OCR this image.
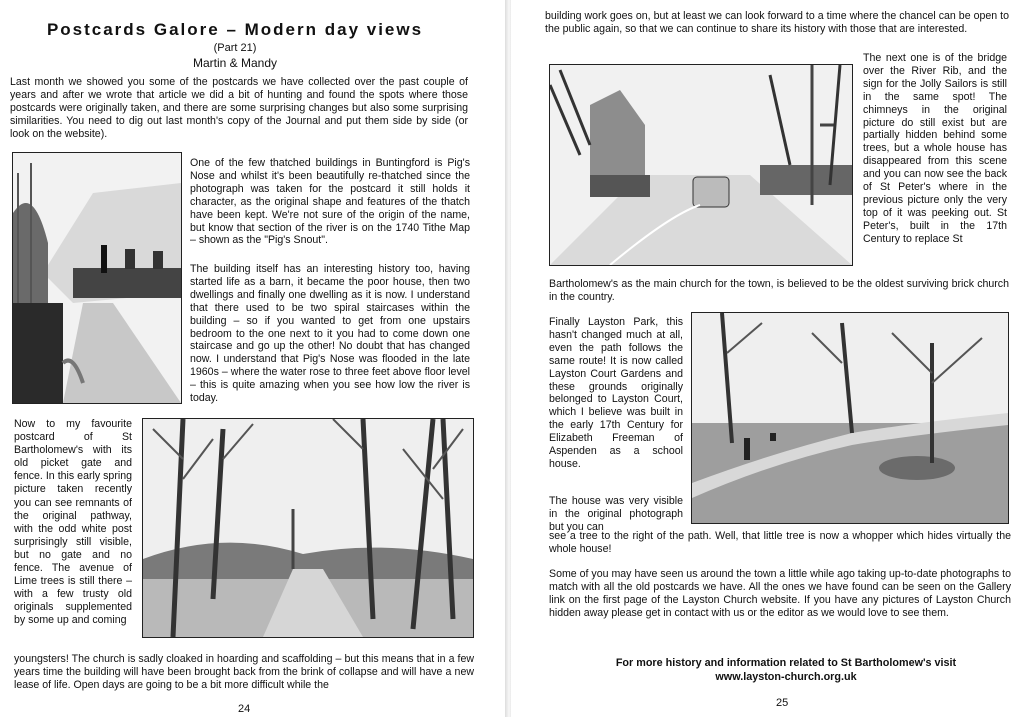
Postcards Galore – Modern day views
(Part 21)
Martin & Mandy

Last month we showed you some of the postcards we have collected over the past couple of years and after we wrote that article we did a bit of hunting and found the spots where those postcards were originally taken, and there are some surprising changes but also some surprising similarities. You need to dig out last month's copy of the Journal and put them side by side (or look on the website).

One of the few thatched buildings in Buntingford is Pig's Nose and whilst it's been beautifully re-thatched since the photograph was taken for the postcard it still holds it character, as the original shape and features of the thatch have been kept. We're not sure of the origin of the name, but know that section of the river is on the 1740 Tithe Map – shown as the "Pig's Snout".

The building itself has an interesting history too, having started life as a barn, it became the poor house, then two dwellings and finally one dwelling as it is now. I understand that there used to be two spiral staircases within the building – so if you wanted to get from one upstairs bedroom to the one next to it you had to come down one staircase and go up the other! No doubt that has changed now. I understand that Pig's Nose was flooded in the late 1960s – where the water rose to three feet above floor level – this is quite amazing when you see how low the river is today.

Now to my favourite postcard of St Bartholomew's with its old picket gate and fence. In this early spring picture taken recently you can see remnants of the original pathway, with the odd white post surprisingly still visible, but no gate and no fence. The avenue of Lime trees is still there – with a few trusty old originals supplemented by some up and coming

youngsters! The church is sadly cloaked in hoarding and scaffolding – but this means that in a few years time the building will have been brought back from the brink of collapse and will have a new lease of life. Open days are going to be a bit more difficult while the

24

building work goes on, but at least we can look forward to a time where the chancel can be open to the public again, so that we can continue to share its history with those that are interested.

The next one is of the bridge over the River Rib, and the sign for the Jolly Sailors is still in the same spot! The chimneys in the original picture do still exist but are partially hidden behind some trees, but a whole house has disappeared from this scene and you can now see the back of St Peter's where in the previous picture only the very top of it was peeking out. St Peter's, built in the 17th Century to replace St

Bartholomew's as the main church for the town, is believed to be the oldest surviving brick church in the country.

Finally Layston Park, this hasn't changed much at all, even the path follows the same route! It is now called Layston Court Gardens and these grounds originally belonged to Layston Court, which I believe was built in the early 17th Century for Elizabeth Freeman of Aspenden as a school house.

The house was very visible in the original photograph but you can

see a tree to the right of the path. Well, that little tree is now a whopper which hides virtually the whole house!

Some of you may have seen us around the town a little while ago taking up-to-date photographs to match with all the old postcards we have. All the ones we have found can be seen on the Gallery link on the first page of the Layston Church website. If you have any pictures of Layston Church hidden away please get in contact with us or the editor as we would love to see them.

25
For more history and information related to St Bartholomew's visit
www.layston-church.org.uk
